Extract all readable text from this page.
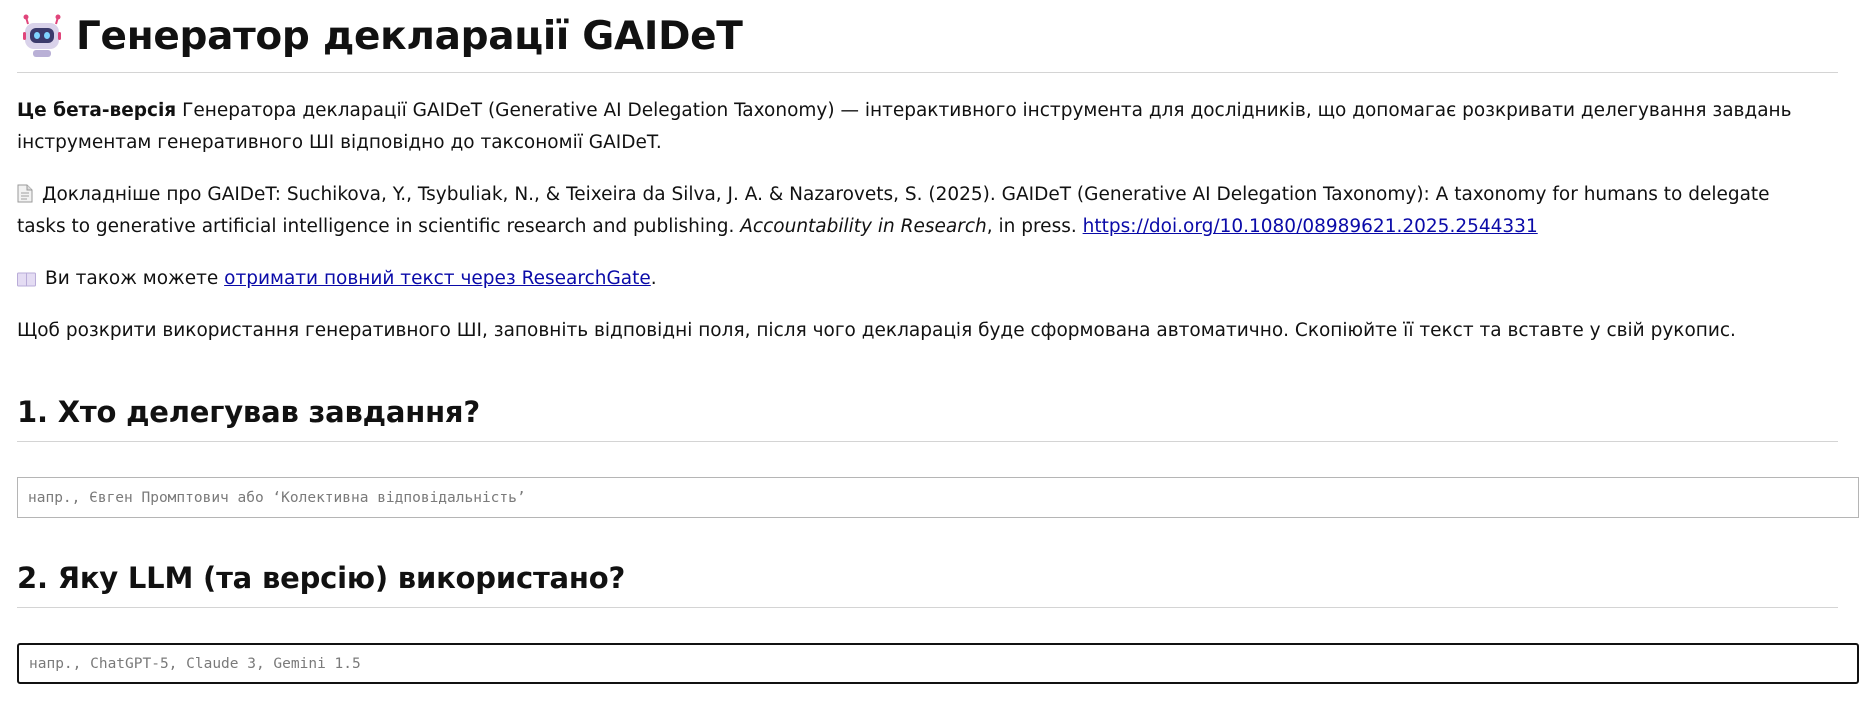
Генератор декларації GAIDeT

Це бета-версія Генератора декларації GAIDeT (Generative AI Delegation Taxonomy) — інтерактивного інструмента для дослідників, що допомагає розкривати делегування завдань інструментам генеративного ШІ відповідно до таксономії GAIDeT.

Докладніше про GAIDeT: Suchikova, Y., Tsybuliak, N., & Teixeira da Silva, J. A. & Nazarovets, S. (2025). GAIDeT (Generative AI Delegation Taxonomy): A taxonomy for humans to delegate tasks to generative artificial intelligence in scientific research and publishing. Accountability in Research, in press. https://doi.org/10.1080/08989621.2025.2544331

Ви також можете отримати повний текст через ResearchGate.

Щоб розкрити використання генеративного ШІ, заповніть відповідні поля, після чого декларація буде сформована автоматично. Скопіюйте її текст та вставте у свій рукопис.

1. Хто делегував завдання?
напр., Євген Промптович або ‘Колективна відповідальність’
2. Яку LLM (та версію) використано?
напр., ChatGPT-5, Claude 3, Gemini 1.5
